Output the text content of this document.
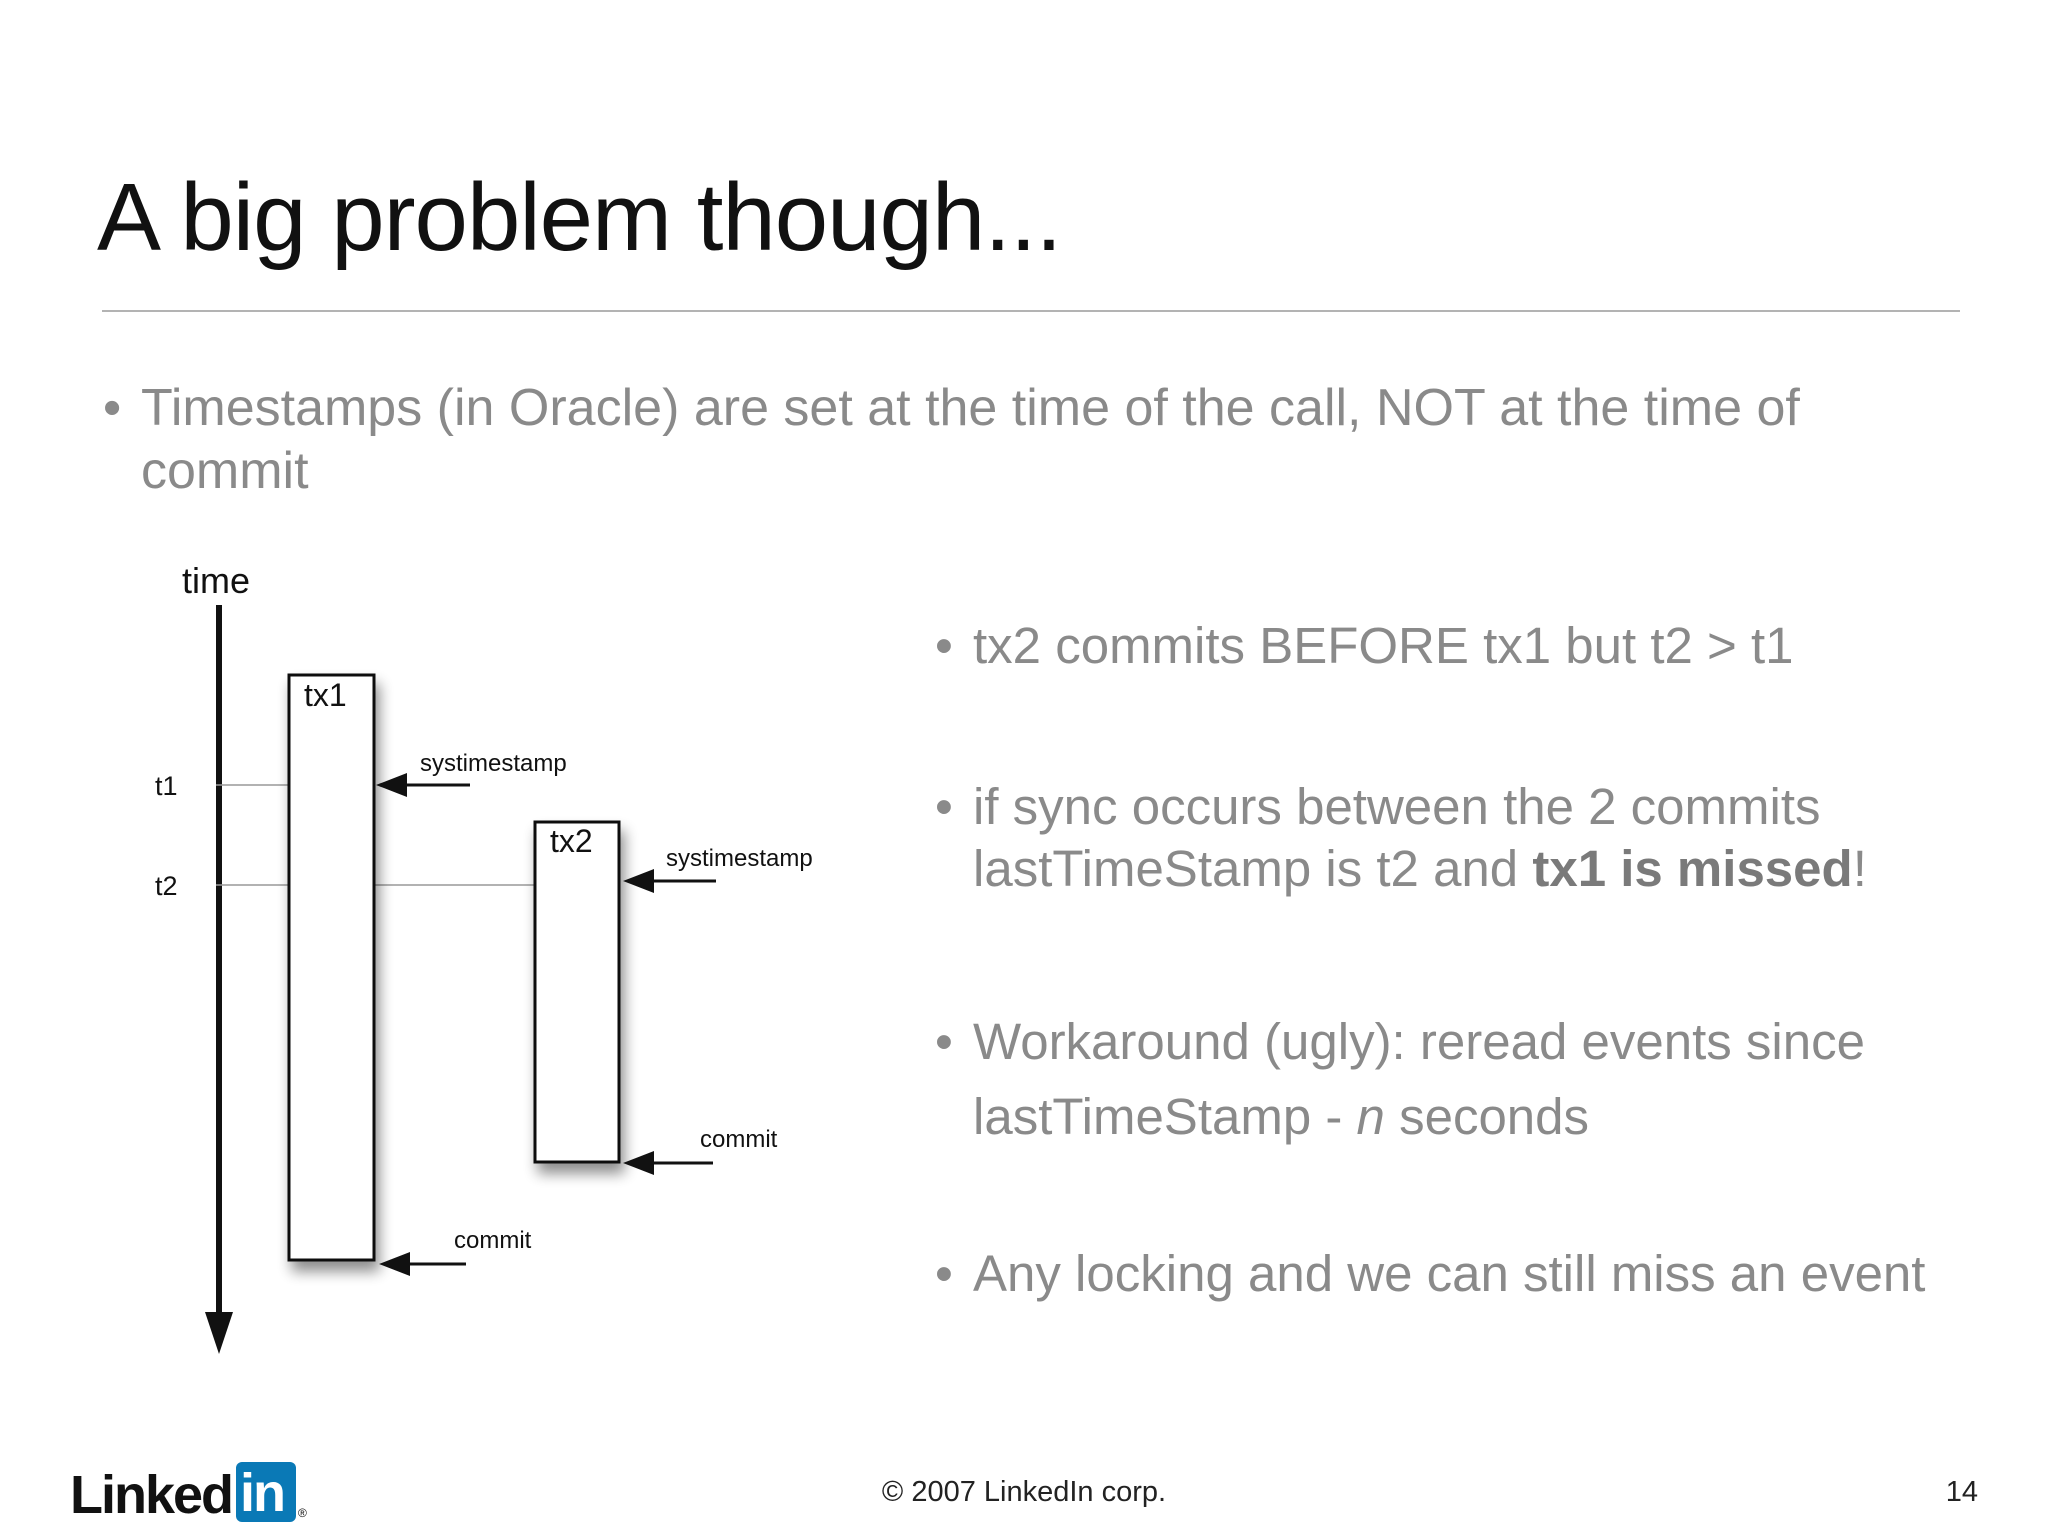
A big problem though...
• Timestamps (in Oracle) are set at the time of the call, NOT at the time of commit
time
t1
t2
tx1
tx2
systimestamp
systimestamp
commit
commit
• tx2 commits BEFORE tx1 but t2 > t1
• if sync occurs between the 2 commits lastTimeStamp is t2 and tx1 is missed!
• Workaround (ugly): reread events since lastTimeStamp - n seconds
• Any locking and we can still miss an event
Linked in ®
© 2007 LinkedIn corp.	14
